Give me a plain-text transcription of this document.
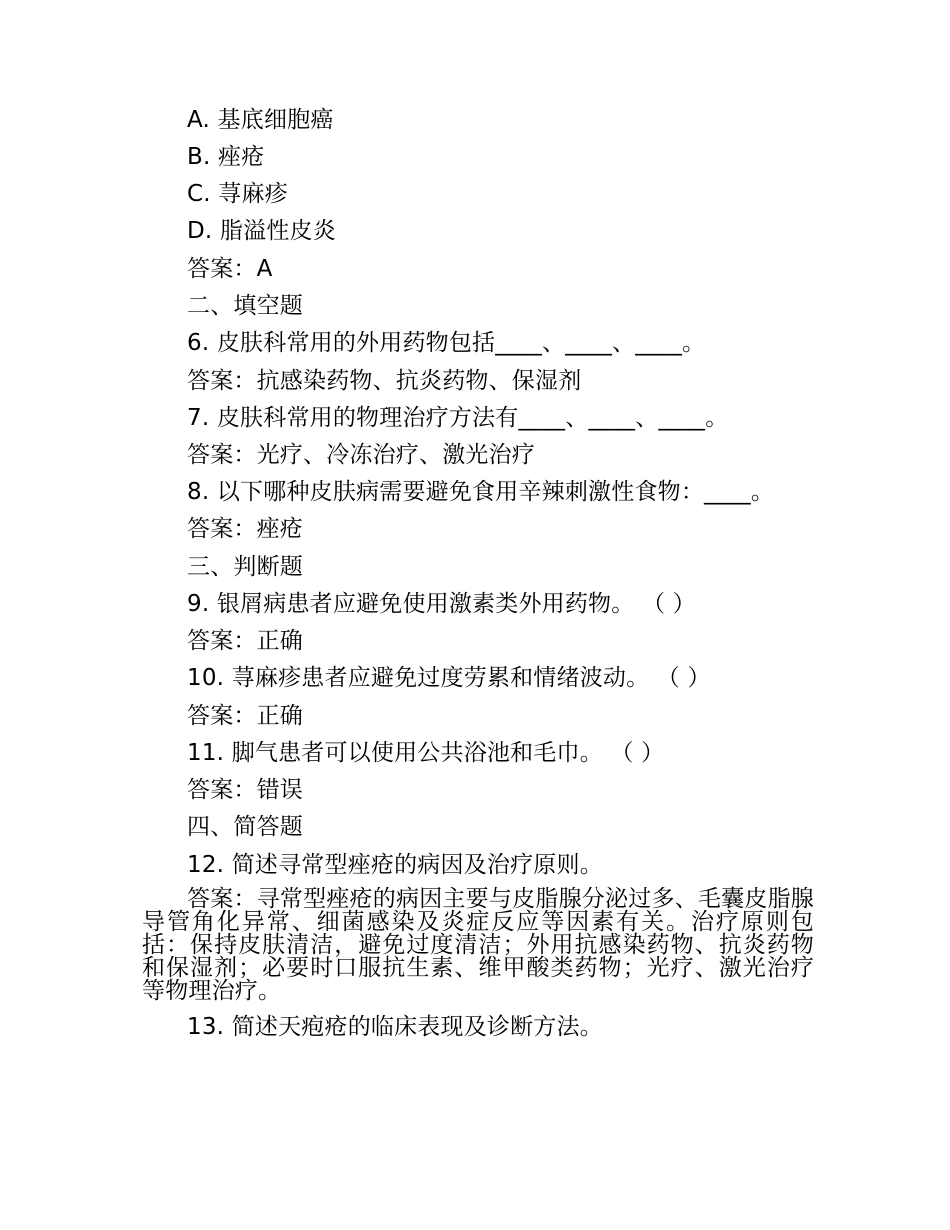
A. 基底细胞癌
B. 痤疮
C. 荨麻疹
D. 脂溢性皮炎
答案：A
二、填空题
6. 皮肤科常用的外用药物包括____、____、____。
答案：抗感染药物、抗炎药物、保湿剂
7. 皮肤科常用的物理治疗方法有____、____、____。
答案：光疗、冷冻治疗、激光治疗
8. 以下哪种皮肤病需要避免食用辛辣刺激性食物：____。
答案：痤疮
三、判断题
9. 银屑病患者应避免使用激素类外用药物。 （ ）
答案：正确
10. 荨麻疹患者应避免过度劳累和情绪波动。 （ ）
答案：正确
11. 脚气患者可以使用公共浴池和毛巾。 （ ）
答案：错误
四、简答题
12. 简述寻常型痤疮的病因及治疗原则。
答案：寻常型痤疮的病因主要与皮脂腺分泌过多、毛囊皮脂腺导管角化异常、细菌感染及炎症反应等因素有关。治疗原则包括：保持皮肤清洁，避免过度清洁；外用抗感染药物、抗炎药物和保湿剂；必要时口服抗生素、维甲酸类药物；光疗、激光治疗等物理治疗。
13. 简述天疱疮的临床表现及诊断方法。
